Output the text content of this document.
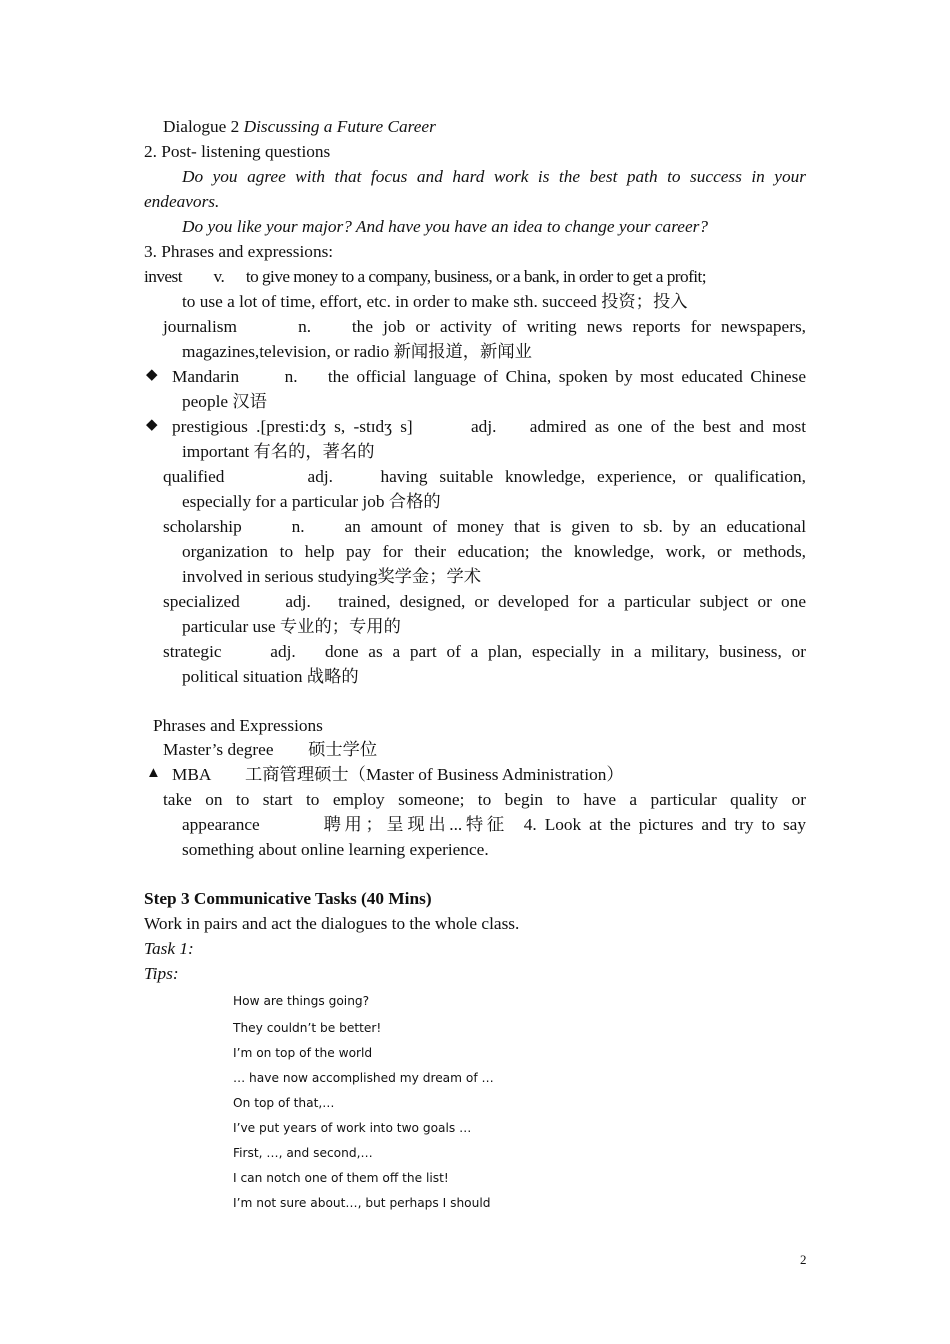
Dialogue 2 Discussing a Future Career
2. Post- listening questions
Do you agree with that focus and hard work is the best path to success in your
endeavors.
Do you like your major? And have you have an idea to change your career?
3. Phrases and expressions:
invest v. to give money to a company, business, or a bank, in order to get a profit;
to use a lot of time, effort, etc. in order to make sth. succeed 投资；投入
journalism      n.    the job or activity of writing news reports for newspapers,
magazines,television, or radio 新闻报道，新闻业
◆ Mandarin      n.    the official language of China, spoken by most educated Chinese
people 汉语
◆ prestigious .[presti:dʒ s, -stɪdʒ s]       adj.    admired as one of the best and most
important 有名的，著名的
qualified       adj.    having suitable knowledge, experience, or qualification,
especially for a particular job 合格的
scholarship     n.    an amount of money that is given to sb. by an educational
organization to help pay for their education; the knowledge, work, or methods,
involved in serious studying奖学金；学术
specialized     adj.   trained, designed, or developed for a particular subject or one
particular use 专业的；专用的
strategic     adj.   done as a part of a plan, especially in a military, business, or
political situation 战略的
Phrases and Expressions
Master’s degree        硕士学位
▲ MBA        工商管理硕士（Master of Business Administration）
take on to start to employ someone; to begin to have a particular quality or
appearance        聘用；呈现出...特征  4. Look at the pictures and try to say
something about online learning experience.
Step 3 Communicative Tasks (40 Mins)
Work in pairs and act the dialogues to the whole class.
Task 1:
Tips:
How are things going?
They couldn’t be better!
I’m on top of the world
… have now accomplished my dream of …
On top of that,…
I’ve put years of work into two goals …
First, …, and second,…
I can notch one of them off the list!
I’m not sure about…, but perhaps I should
2
